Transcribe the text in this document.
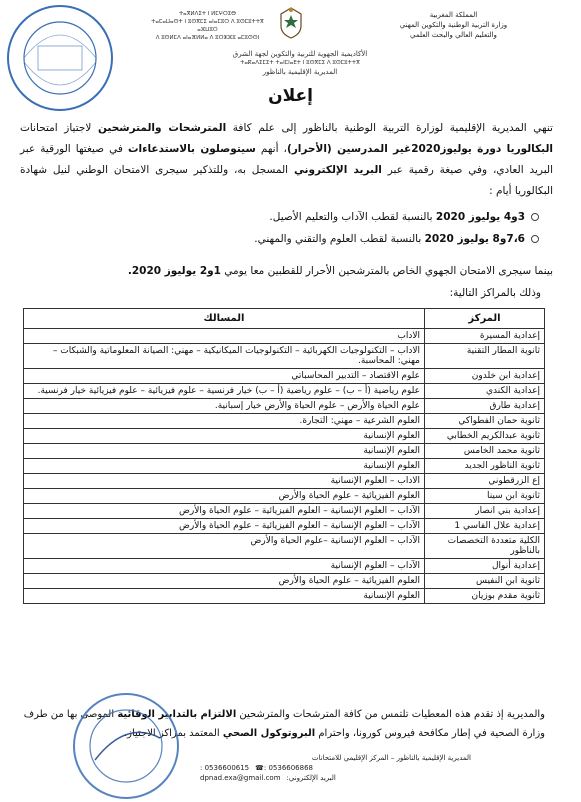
المملكة المغربية
وزارة التربية الوطنية والتكوين المهني
والتعليم العالي والبحث العلمي
ⵜⴰⴳⵍⴷⵉⵜ ⵏ ⵍⵎⵖⵔⵉⴱ
ⵜⴰⵎⴰⵡⴰⵙⵜ ⵏ ⵓⵙⴳⵎⵉ ⴰⵏⴰⵎⵓⵔ ⴷ ⵓⵙⵎⵓⵜⵜⴳ ⴰⵣⵡⵓⵔ
ⴷ ⵓⵙⵍⵎⴷ ⴰⵏⴰⴼⵍⵍⴰ ⴷ ⵓⵔⵣⵣⵓ ⴰⵎⵓⵙⵙⵏ
الأكاديمية الجهوية للتربية والتكوين لجهة الشرق
ⵜⴰⴽⴰⴷⵉⵎⵉⵜ ⵜⴰⵏⵎⵏⴰⴹⵜ ⵏ ⵓⵙⴳⵎⵉ ⴷ ⵓⵙⵎⵓⵜⵜⴳ
المديرية الإقليمية بالناظور
إعلان
تنهي المديرية الإقليمية لوزارة التربية الوطنية بالناظور إلى علم كافة المترشحات والمترشحين لاجتياز امتحانات البكالوريا دورة يوليوز2020غير المدرسين (الأحرار)، أنهم سيتوصلون بالاستدعاءات في صيغتها الورقية عبر البريد العادي، وفي صيغة رقمية عبر البريد الإلكتروني المسجل به، وللتذكير سيجرى الامتحان الوطني لنيل شهادة البكالوريا أيام :
3و4 يوليوز 2020 بالنسبة لقطب الآداب والتعليم الأصيل.
7،6و8 يوليوز 2020 بالنسبة لقطب العلوم والتقني والمهني.
بينما سيجرى الامتحان الجهوي الخاص بالمترشحين الأحرار للقطبين معا يومي 1و2 يوليوز 2020.
وذلك بالمراكز التالية:
المركز	المسالك
إعدادية المسيرة	الاداب
ثانوية المطار التقنية	الاداب – التكنولوجيات الكهربائية – التكنولوجيات الميكانيكية – مهني: الصيانة المعلوماتية والشبكات – مهني: المحاسبة.
إعدادية ابن خلدون	علوم الاقتصاد – التدبير المحاسباتي
إعدادية الكندي	علوم رياضية (أ – ب) – علوم رياضية (أ – ب) خيار فرنسية – علوم فيزيائية – علوم فيزيائية خيار فرنسية.
إعدادية طارق	علوم الحياة والأرض – علوم الحياة والأرض خيار إسبانية.
ثانوية حمان الفطواكي	العلوم الشرعية – مهني: التجارة.
ثانوية عبدالكريم الخطابي	العلوم الإنسانية
ثانوية محمد الخامس	العلوم الإنسانية
ثانوية الناظور الجديد	العلوم الإنسانية
إع الزرقطوني	الاداب – العلوم الإنسانية
ثانوية ابن سينا	العلوم الفيزيائية – علوم الحياة والأرض
إعدادية بني انصار	الآداب – العلوم الإنسانية – العلوم الفيزيائية – علوم الحياة والأرض
إعدادية علال الفاسي 1	الآداب – العلوم الإنسانية – العلوم الفيزيائية – علوم الحياة والأرض
الكلية متعددة التخصصات بالناظور	الآداب – العلوم الإنسانية –علوم الحياة والأرض
إعدادية أنوال	الآداب – العلوم الإنسانية
ثانوية ابن النفيس	العلوم الفيزيائية – علوم الحياة والأرض
ثانوية مقدم بوزيان	العلوم الإنسانية
والمديرية إذ تقدم هذه المعطيات تلتمس من كافة المترشحات والمترشحين الالتزام بالتدابير الوقائية الموصى بها من طرف وزارة الصحية في إطار مكافحة فيروس كورونا، واحترام البروتوكول الصحي المعتمد بمراكز الاجتياز.
المديرية الإقليمية بالناظور – المركز الإقليمي للامتحانات
0536606868 :☎
0536600615 :
البريد الإلكتروني:
dpnad.exa@gmail.com
